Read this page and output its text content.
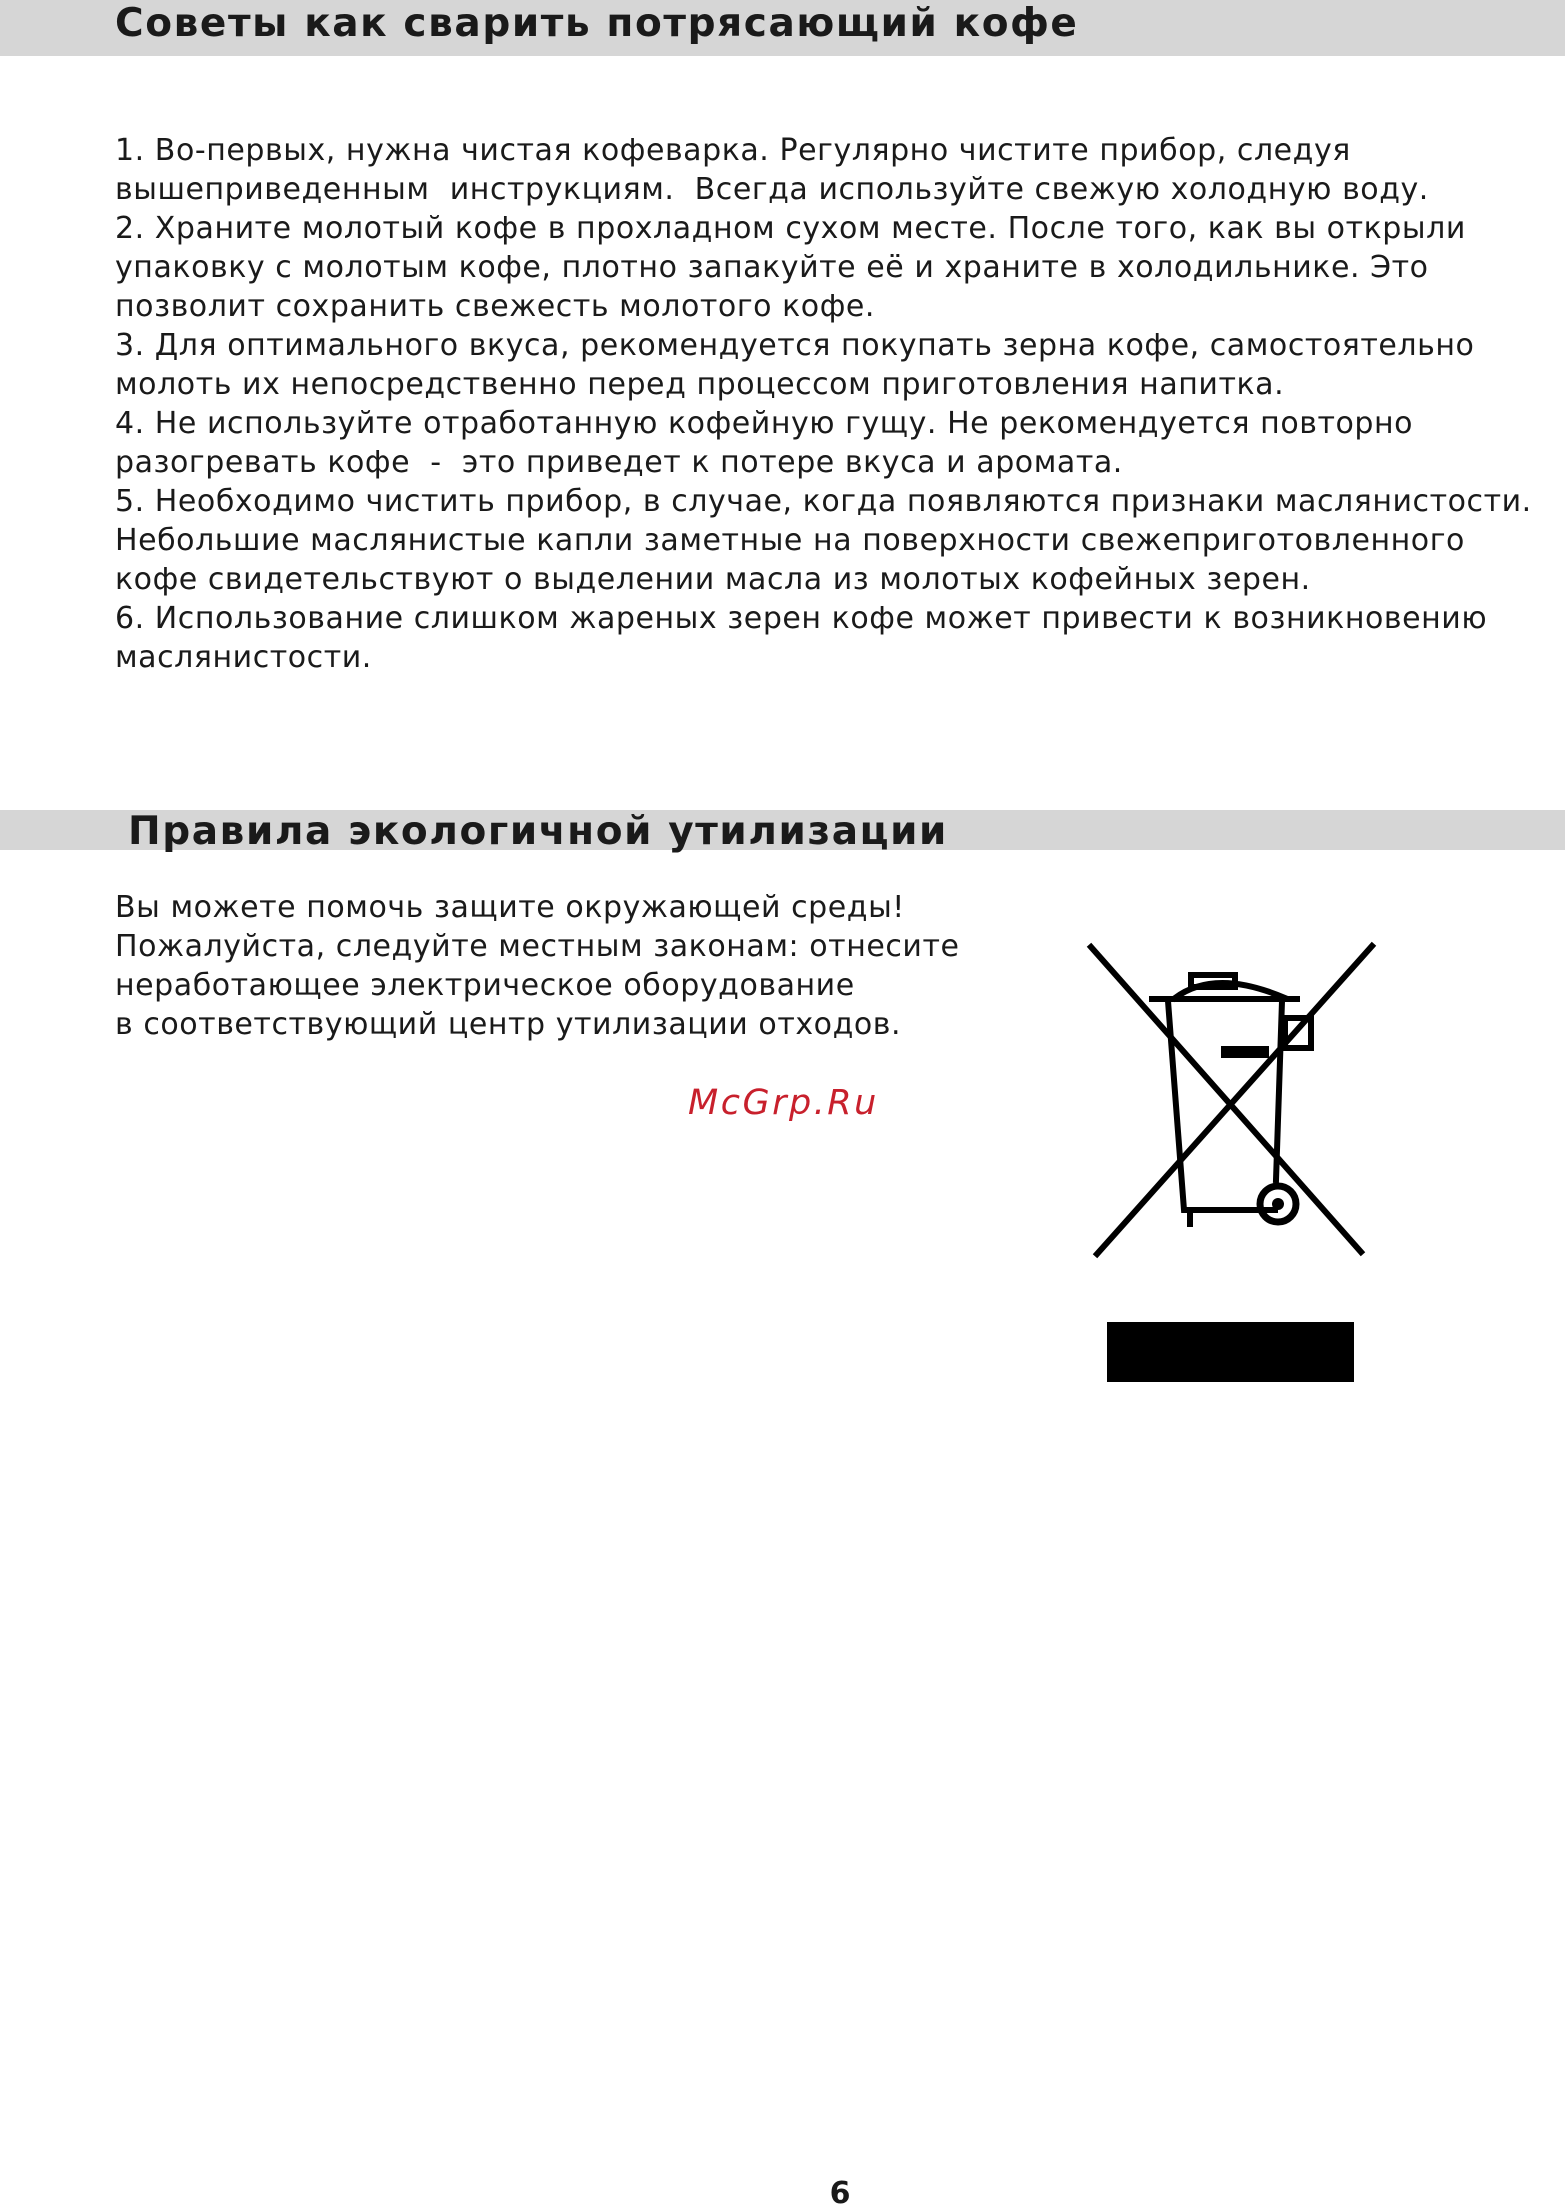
Советы как сварить потрясающий кофе
1. Во-первых, нужна чистая кофеварка. Регулярно чистите прибор, следуя
вышеприведенным  инструкциям.  Всегда используйте свежую холодную воду.
2. Храните молотый кофе в прохладном сухом месте. После того, как вы открыли
упаковку с молотым кофе, плотно запакуйте её и храните в холодильнике. Это
позволит сохранить свежесть молотого кофе.
3. Для оптимального вкуса, рекомендуется покупать зерна кофе, самостоятельно
молоть их непосредственно перед процессом приготовления напитка.
4. Не используйте отработанную кофейную гущу. Не рекомендуется повторно
разогревать кофе  -  это приведет к потере вкуса и аромата.
5. Необходимо чистить прибор, в случае, когда появляются признаки маслянистости.
Небольшие маслянистые капли заметные на поверхности свежеприготовленного
кофе свидетельствуют о выделении масла из молотых кофейных зерен.
6. Использование слишком жареных зерен кофе может привести к возникновению
маслянистости.
Правила экологичной утилизации
Вы можете помочь защите окружающей среды!
Пожалуйста, следуйте местным законам: отнесите
неработающее электрическое оборудование
в соответствующий центр утилизации отходов.
McGrp.Ru
6
